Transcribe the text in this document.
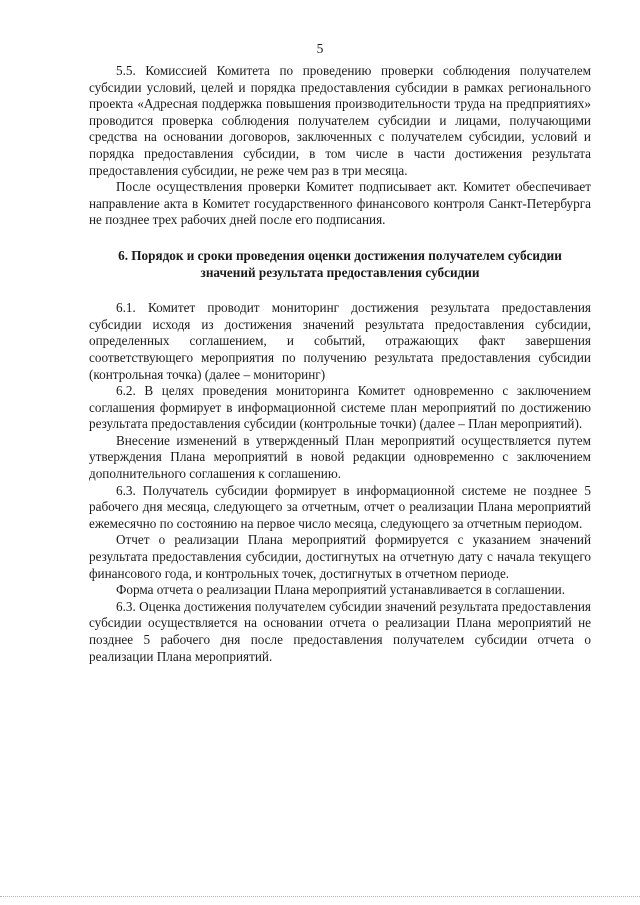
5

5.5. Комиссией Комитета по проведению проверки соблюдения получателем субсидии условий, целей и порядка предоставления субсидии в рамках регионального проекта «Адресная поддержка повышения производительности труда на предприятиях» проводится проверка соблюдения получателем субсидии и лицами, получающими средства на основании договоров, заключенных с получателем субсидии, условий и порядка предоставления субсидии, в том числе в части достижения результата предоставления субсидии, не реже чем раз в три месяца.

После осуществления проверки Комитет подписывает акт. Комитет обеспечивает направление акта в Комитет государственного финансового контроля Санкт-Петербурга не позднее трех рабочих дней после его подписания.

6. Порядок и сроки проведения оценки достижения получателем субсидии значений результата предоставления субсидии

6.1. Комитет проводит мониторинг достижения результата предоставления субсидии исходя из достижения значений результата предоставления субсидии, определенных соглашением, и событий, отражающих факт завершения соответствующего мероприятия по получению результата предоставления субсидии (контрольная точка) (далее – мониторинг)

6.2. В целях проведения мониторинга Комитет одновременно с заключением соглашения формирует в информационной системе план мероприятий по достижению результата предоставления субсидии (контрольные точки) (далее – План мероприятий).

Внесение изменений в утвержденный План мероприятий осуществляется путем утверждения Плана мероприятий в новой редакции одновременно с заключением дополнительного соглашения к соглашению.

6.3. Получатель субсидии формирует в информационной системе не позднее 5 рабочего дня месяца, следующего за отчетным, отчет о реализации Плана мероприятий ежемесячно по состоянию на первое число месяца, следующего за отчетным периодом.

Отчет о реализации Плана мероприятий формируется с указанием значений результата предоставления субсидии, достигнутых на отчетную дату с начала текущего финансового года, и контрольных точек, достигнутых в отчетном периоде.

Форма отчета о реализации Плана мероприятий устанавливается в соглашении.

6.3. Оценка достижения получателем субсидии значений результата предоставления субсидии осуществляется на основании отчета о реализации Плана мероприятий не позднее 5 рабочего дня после предоставления получателем субсидии отчета о реализации Плана мероприятий.
